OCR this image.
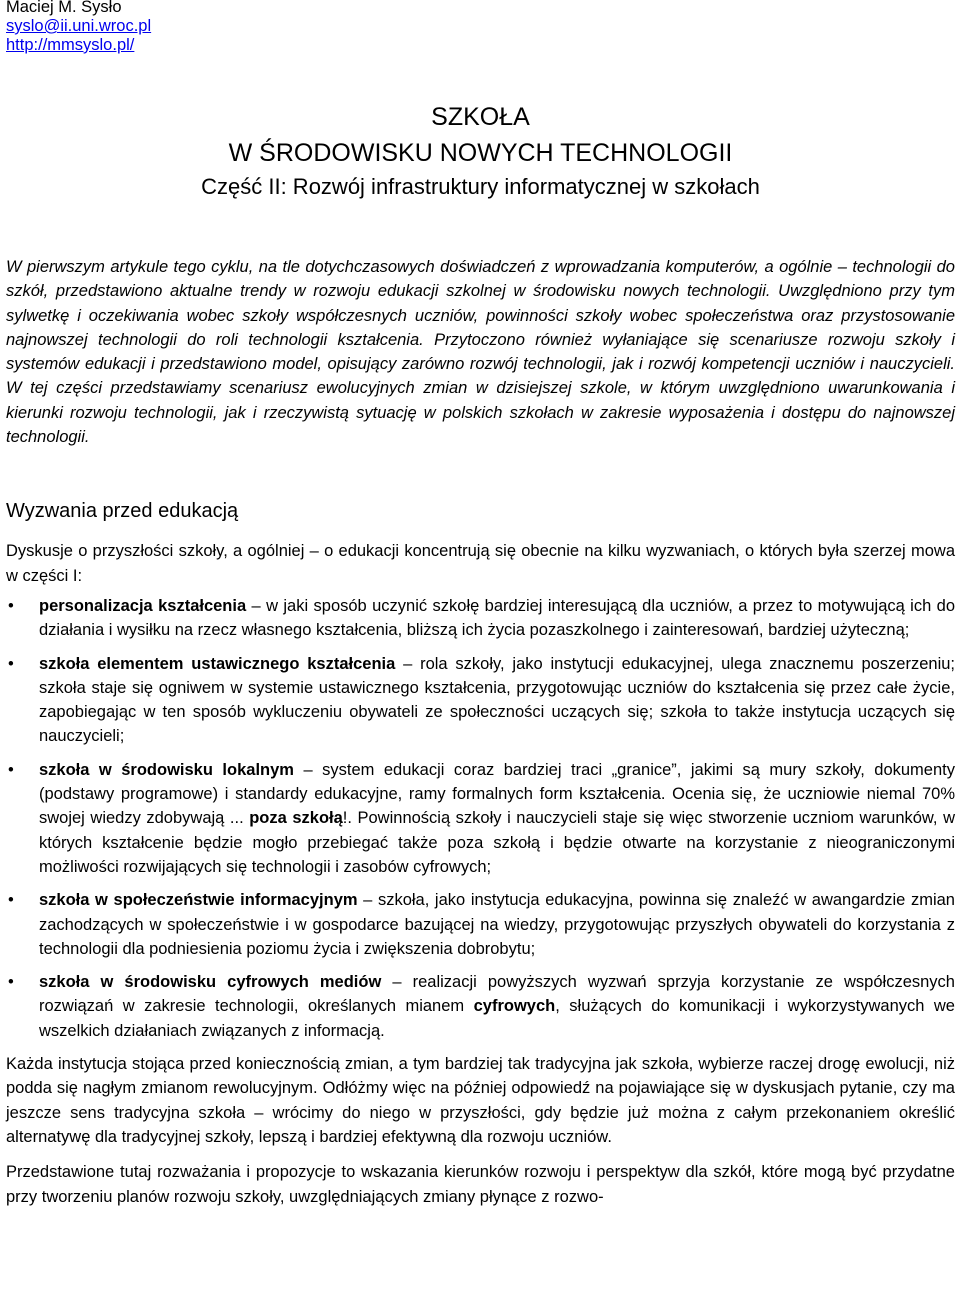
Maciej M. Sysło
syslo@ii.uni.wroc.pl
http://mmsyslo.pl/
SZKOŁA
W ŚRODOWISKU NOWYCH TECHNOLOGII
Część II: Rozwój infrastruktury informatycznej w szkołach

W pierwszym artykule tego cyklu, na tle dotychczasowych doświadczeń z wprowadzania komputerów, a ogólnie – technologii do szkół, przedstawiono aktualne trendy w rozwoju edukacji szkolnej w środowisku nowych technologii. Uwzględniono przy tym sylwetkę i oczekiwania wobec szkoły współczesnych uczniów, powinności szkoły wobec społeczeństwa oraz przystosowanie najnowszej technologii do roli technologii kształcenia. Przytoczono również wyłaniające się scenariusze rozwoju szkoły i systemów edukacji i przedstawiono model, opisujący zarówno rozwój technologii, jak i rozwój kompetencji uczniów i nauczycieli. W tej części przedstawiamy scenariusz ewolucyjnych zmian w dzisiejszej szkole, w którym uwzględniono uwarunkowania i kierunki rozwoju technologii, jak i rzeczywistą sytuację w polskich szkołach w zakresie wyposażenia i dostępu do najnowszej technologii.

Wyzwania przed edukacją

Dyskusje o przyszłości szkoły, a ogólniej – o edukacji koncentrują się obecnie na kilku wyzwaniach, o których była szerzej mowa w części I:

• personalizacja kształcenia – w jaki sposób uczynić szkołę bardziej interesującą dla uczniów, a przez to motywującą ich do działania i wysiłku na rzecz własnego kształcenia, bliższą ich życia pozaszkolnego i zainteresowań, bardziej użyteczną;
• szkoła elementem ustawicznego kształcenia – rola szkoły, jako instytucji edukacyjnej, ulega znacznemu poszerzeniu; szkoła staje się ogniwem w systemie ustawicznego kształcenia, przygotowując uczniów do kształcenia się przez całe życie, zapobiegając w ten sposób wykluczeniu obywateli ze społeczności uczących się; szkoła to także instytucja uczących się nauczycieli;
• szkoła w środowisku lokalnym – system edukacji coraz bardziej traci „granice”, jakimi są mury szkoły, dokumenty (podstawy programowe) i standardy edukacyjne, ramy formalnych form kształcenia. Ocenia się, że uczniowie niemal 70% swojej wiedzy zdobywają ... poza szkołą!. Powinnością szkoły i nauczycieli staje się więc stworzenie uczniom warunków, w których kształcenie będzie mogło przebiegać także poza szkołą i będzie otwarte na korzystanie z nieograniczonymi możliwości rozwijających się technologii i zasobów cyfrowych;
• szkoła w społeczeństwie informacyjnym – szkoła, jako instytucja edukacyjna, powinna się znaleźć w awangardzie zmian zachodzących w społeczeństwie i w gospodarce bazującej na wiedzy, przygotowując przyszłych obywateli do korzystania z technologii dla podniesienia poziomu życia i zwiększenia dobrobytu;
• szkoła w środowisku cyfrowych mediów – realizacji powyższych wyzwań sprzyja korzystanie ze współczesnych rozwiązań w zakresie technologii, określanych mianem cyfrowych, służących do komunikacji i wykorzystywanych we wszelkich działaniach związanych z informacją.

Każda instytucja stojąca przed koniecznością zmian, a tym bardziej tak tradycyjna jak szkoła, wybierze raczej drogę ewolucji, niż podda się nagłym zmianom rewolucyjnym. Odłóżmy więc na później odpowiedź na pojawiające się w dyskusjach pytanie, czy ma jeszcze sens tradycyjna szkoła – wrócimy do niego w przyszłości, gdy będzie już można z całym przekonaniem określić alternatywę dla tradycyjnej szkoły, lepszą i bardziej efektywną dla rozwoju uczniów.

Przedstawione tutaj rozważania i propozycje to wskazania kierunków rozwoju i perspektyw dla szkół, które mogą być przydatne przy tworzeniu planów rozwoju szkoły, uwzględniających zmiany płynące z rozwo-
